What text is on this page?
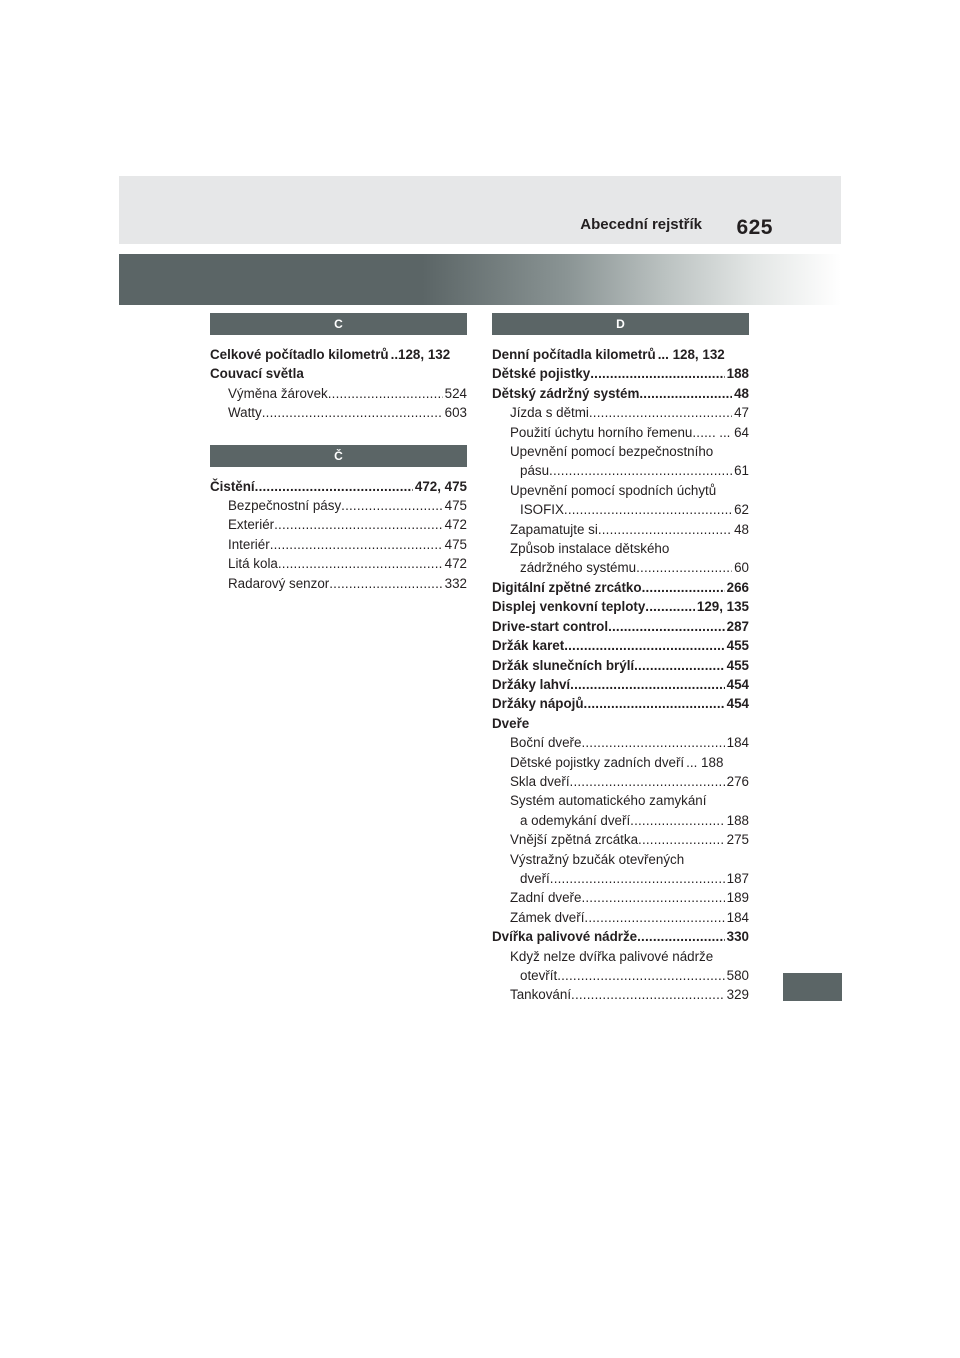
Abecední rejstřík 625
C
Celkové počítadlo kilometrů ..128, 132
Couvací světla
Výměna žárovek .....	524
Watty .....	603
Č
Čistění .....	472, 475
Bezpečnostní pásy .....	475
Exteriér .....	472
Interiér .....	475
Litá kola .....	472
Radarový senzor .....	332
D
Denní počítadla kilometrů ... 128, 132
Dětské pojistky .....	188
Dětský zádržný systém .....	48
Jízda s dětmi .....	47
Použití úchytu horního řemenu ..... ... 64
Upevnění pomocí bezpečnostního
pásu .....	61
Upevnění pomocí spodních úchytů
ISOFIX .....	62
Zapamatujte si .....	48
Způsob instalace dětského
zádržného systému .....	60
Digitální zpětné zrcátko .....	266
Displej venkovní teploty .....	129, 135
Drive-start control .....	287
Držák karet .....	455
Držák slunečních brýlí .....	455
Držáky lahví .....	454
Držáky nápojů .....	454
Dveře
Boční dveře .....	184
Dětské pojistky zadních dveří ... 188
Skla dveří .....	276
Systém automatického zamykání
a odemykání dveří .....	188
Vnější zpětná zrcátka .....	275
Výstražný bzučák otevřených
dveří .....	187
Zadní dveře .....	189
Zámek dveří .....	184
Dvířka palivové nádrže .....	330
Když nelze dvířka palivové nádrže
otevřít .....	580
Tankování .....	329
